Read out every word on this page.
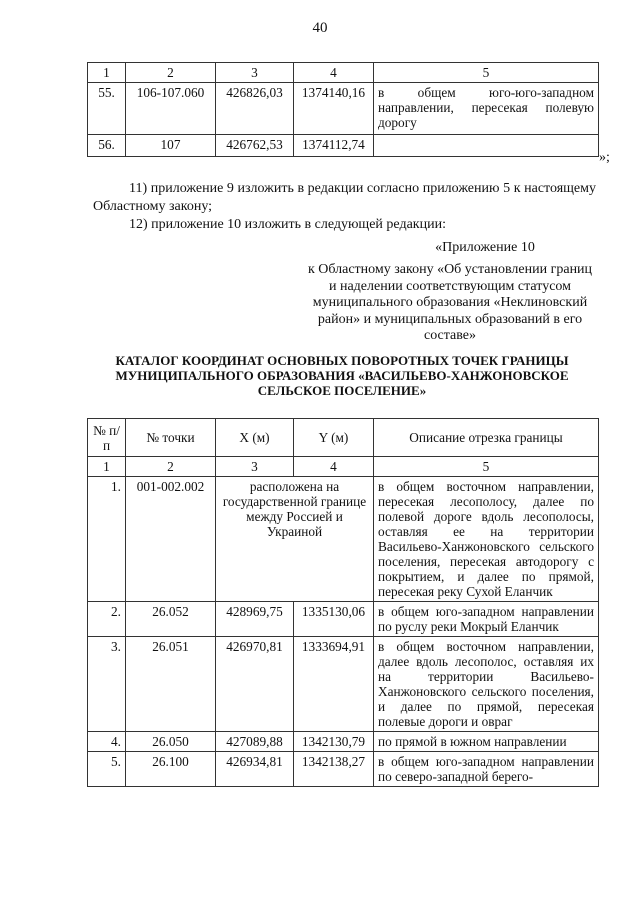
40
1	2	3	4	5
55.	106-107.060	426826,03	1374140,16	в общем юго-юго-западном направлении, пересекая полевую дорогу
56.	107	426762,53	1374112,74	
»;

11) приложение 9 изложить в редакции согласно приложению 5 к настоящему Областному закону;

12) приложение 10 изложить в следующей редакции:

«Приложение 10
к Областному закону «Об установлении границ и наделении соответствующим статусом муниципального образования «Неклиновский район» и муниципальных образований в его составе»
КАТАЛОГ КООРДИНАТ ОСНОВНЫХ ПОВОРОТНЫХ ТОЧЕК ГРАНИЦЫ МУНИЦИПАЛЬНОГО ОБРАЗОВАНИЯ «ВАСИЛЬЕВО-ХАНЖОНОВСКОЕ СЕЛЬСКОЕ ПОСЕЛЕНИЕ»
№ п/п	№ точки	X (м)	Y (м)	Описание отрезка границы
1	2	3	4	5
1.	001-002.002	расположена на государственной границе между Россией и Украиной		в общем восточном направлении, пересекая лесополосу, далее по полевой дороге вдоль лесополосы, оставляя ее на территории Васильево-Ханжоновского сельского поселения, пересекая автодорогу с покрытием, и далее по прямой, пересекая реку Сухой Еланчик
2.	26.052	428969,75	1335130,06	в общем юго-западном направлении по руслу реки Мокрый Еланчик
3.	26.051	426970,81	1333694,91	в общем восточном направлении, далее вдоль лесополос, оставляя их на территории Васильево-Ханжоновского сельского поселения, и далее по прямой, пересекая полевые дороги и овраг
4.	26.050	427089,88	1342130,79	по прямой в южном направлении
5.	26.100	426934,81	1342138,27	в общем юго-западном направлении по северо-западной берего-
